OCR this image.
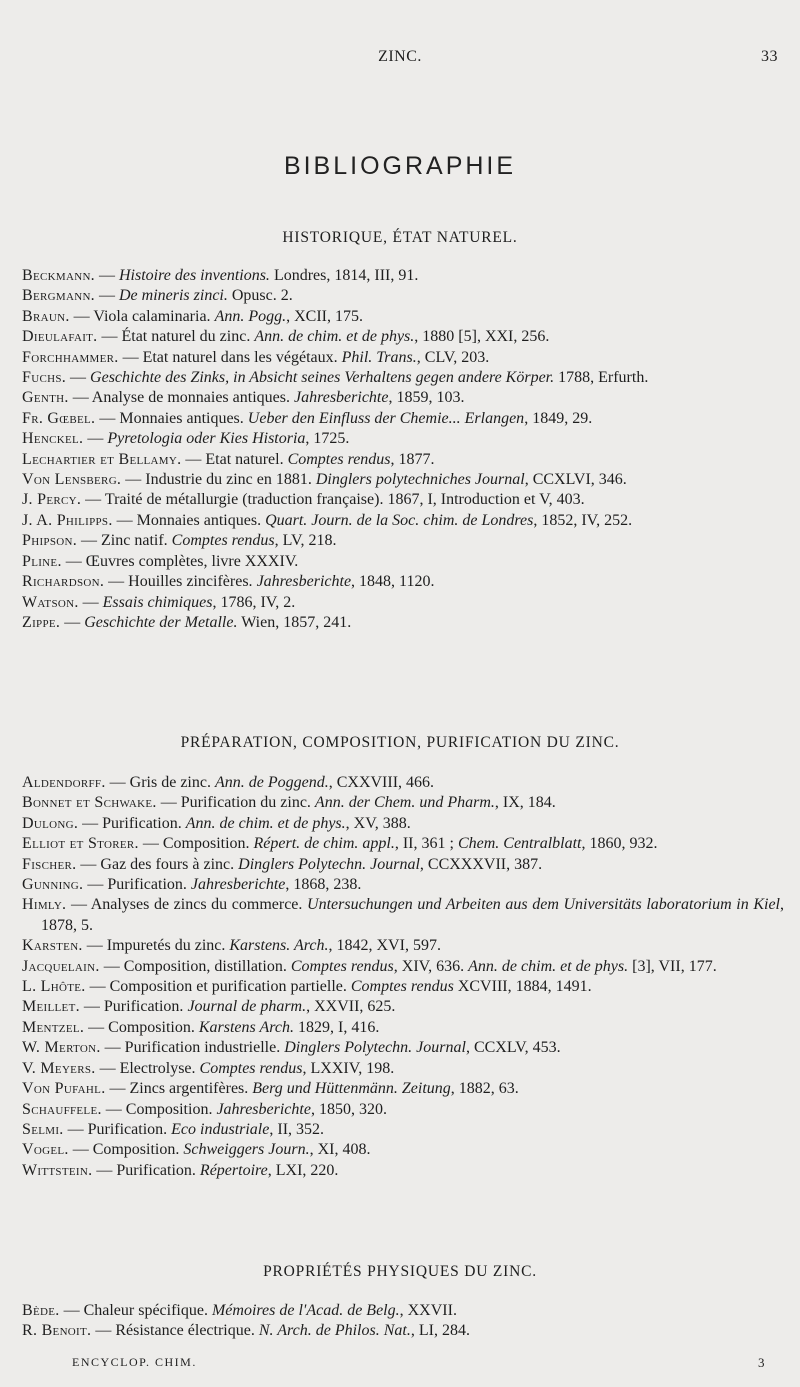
ZINC.	33
BIBLIOGRAPHIE
HISTORIQUE, ÉTAT NATUREL.
Beckmann. — Histoire des inventions. Londres, 1814, III, 91.
Bergmann. — De mineris zinci. Opusc. 2.
Braun. — Viola calaminaria. Ann. Pogg., XCII, 175.
Dieulafait. — État naturel du zinc. Ann. de chim. et de phys., 1880 [5], XXI, 256.
Forchhammer. — Etat naturel dans les végétaux. Phil. Trans., CLV, 203.
Fuchs. — Geschichte des Zinks, in Absicht seines Verhaltens gegen andere Körper. 1788, Erfurth.
Genth. — Analyse de monnaies antiques. Jahresberichte, 1859, 103.
Fr. Gœbel. — Monnaies antiques. Ueber den Einfluss der Chemie... Erlangen, 1849, 29.
Henckel. — Pyretologia oder Kies Historia, 1725.
Lechartier et Bellamy. — Etat naturel. Comptes rendus, 1877.
Von Lensberg. — Industrie du zinc en 1881. Dinglers polytechniches Journal, CCXLVI, 346.
J. Percy. — Traité de métallurgie (traduction française). 1867, I, Introduction et V, 403.
J. A. Philipps. — Monnaies antiques. Quart. Journ. de la Soc. chim. de Londres, 1852, IV, 252.
Phipson. — Zinc natif. Comptes rendus, LV, 218.
Pline. — Œuvres complètes, livre XXXIV.
Richardson. — Houilles zincifères. Jahresberichte, 1848, 1120.
Watson. — Essais chimiques, 1786, IV, 2.
Zippe. — Geschichte der Metalle. Wien, 1857, 241.
PRÉPARATION, COMPOSITION, PURIFICATION DU ZINC.
Aldendorff. — Gris de zinc. Ann. de Poggend., CXXVIII, 466.
Bonnet et Schwake. — Purification du zinc. Ann. der Chem. und Pharm., IX, 184.
Dulong. — Purification. Ann. de chim. et de phys., XV, 388.
Elliot et Storer. — Composition. Répert. de chim. appl., II, 361 ; Chem. Centralblatt, 1860, 932.
Fischer. — Gaz des fours à zinc. Dinglers Polytechn. Journal, CCXXXVII, 387.
Gunning. — Purification. Jahresberichte, 1868, 238.
Himly. — Analyses de zincs du commerce. Untersuchungen und Arbeiten aus dem Universitäts laboratorium in Kiel, 1878, 5.
Karsten. — Impuretés du zinc. Karstens. Arch., 1842, XVI, 597.
Jacquelain. — Composition, distillation. Comptes rendus, XIV, 636. Ann. de chim. et de phys. [3], VII, 177.
L. Lhôte. — Composition et purification partielle. Comptes rendus XCVIII, 1884, 1491.
Meillet. — Purification. Journal de pharm., XXVII, 625.
Mentzel. — Composition. Karstens Arch. 1829, I, 416.
W. Merton. — Purification industrielle. Dinglers Polytechn. Journal, CCXLV, 453.
V. Meyers. — Electrolyse. Comptes rendus, LXXIV, 198.
Von Pufahl. — Zincs argentifères. Berg und Hüttenmänn. Zeitung, 1882, 63.
Schauffele. — Composition. Jahresberichte, 1850, 320.
Selmi. — Purification. Eco industriale, II, 352.
Vogel. — Composition. Schweiggers Journ., XI, 408.
Wittstein. — Purification. Répertoire, LXI, 220.
PROPRIÉTÉS PHYSIQUES DU ZINC.
Bède. — Chaleur spécifique. Mémoires de l'Acad. de Belg., XXVII.
R. Benoit. — Résistance électrique. N. Arch. de Philos. Nat., LI, 284.
ENCYCLOP. CHIM.	3
